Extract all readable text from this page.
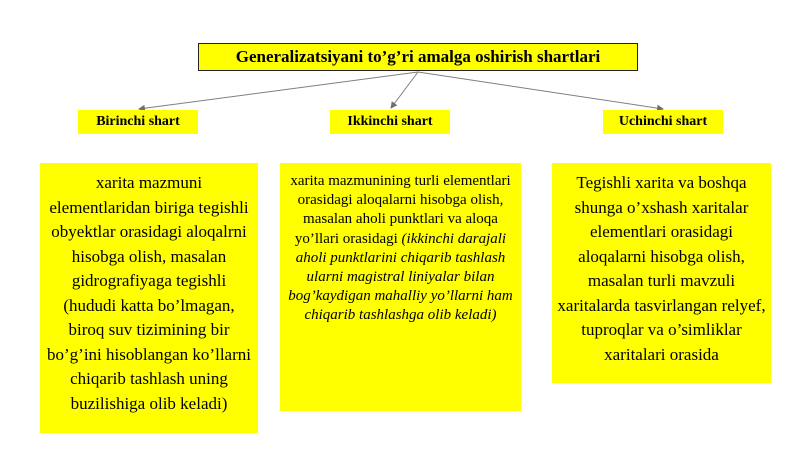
Generalizatsiyani to’g’ri amalga oshirish shartlari
Birinchi shart	Ikkinchi shart	Uchinchi shart
xarita mazmuni elementlaridan biriga tegishli obyektlar orasidagi aloqalrni hisobga olish, masalan gidrografiyaga tegishli (hududi katta bo’lmagan, biroq suv tizimining bir bo’g’ini hisoblangan ko’llarni chiqarib tashlash uning buzilishiga olib keladi)
xarita mazmunining turli elementlari orasidagi aloqalarni hisobga olish, masalan aholi punktlari va aloqa yo’llari orasidagi (ikkinchi darajali aholi punktlarini chiqarib tashlash ularni magistral liniyalar bilan bog’kaydigan mahalliy yo’llarni ham chiqarib tashlashga olib keladi)
Tegishli xarita va boshqa shunga o’xshash xaritalar elementlari orasidagi aloqalarni hisobga olish, masalan turli mavzuli xaritalarda tasvirlangan relyef, tuproqlar va o’simliklar xaritalari orasida
